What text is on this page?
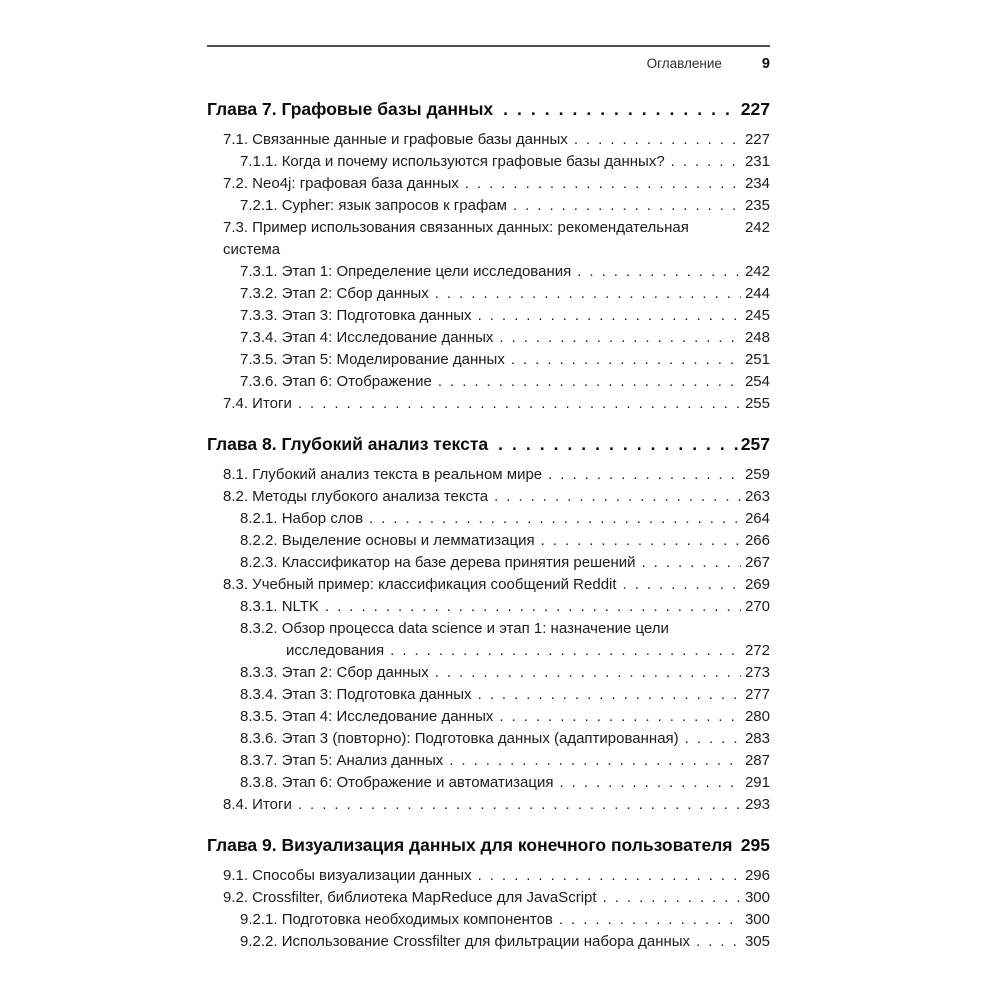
Оглавление	9
Глава 7. Графовые базы данных .....	227
7.1. Связанные данные и графовые базы данных .....	227
7.1.1. Когда и почему используются графовые базы данных? .....	231
7.2. Neo4j: графовая база данных .....	234
7.2.1. Cypher: язык запросов к графам .....	235
7.3. Пример использования связанных данных: рекомендательная система
242
7.3.1. Этап 1: Определение цели исследования .....	242
7.3.2. Этап 2: Сбор данных .....	244
7.3.3. Этап 3: Подготовка данных .....	245
7.3.4. Этап 4: Исследование данных .....	248
7.3.5. Этап 5: Моделирование данных .....	251
7.3.6. Этап 6: Отображение .....	254
7.4. Итоги .....	255
Глава 8. Глубокий анализ текста .....	257
8.1. Глубокий анализ текста в реальном мире .....	259
8.2. Методы глубокого анализа текста .....	263
8.2.1. Набор слов .....	264
8.2.2. Выделение основы и лемматизация .....	266
8.2.3. Классификатор на базе дерева принятия решений .....	267
8.3. Учебный пример: классификация сообщений Reddit .....	269
8.3.1. NLTK .....	270
8.3.2. Обзор процесса data science и этап 1: назначение цели
исследования .....	272
8.3.3. Этап 2: Сбор данных .....	273
8.3.4. Этап 3: Подготовка данных .....	277
8.3.5. Этап 4: Исследование данных .....	280
8.3.6. Этап 3 (повторно): Подготовка данных (адаптированная) .....	283
8.3.7. Этап 5: Анализ данных .....	287
8.3.8. Этап 6: Отображение и автоматизация .....	291
8.4. Итоги .....	293
Глава 9. Визуализация данных для конечного пользователя ..... 295
9.1. Способы визуализации данных .....	296
9.2. Crossfilter, библиотека MapReduce для JavaScript .....	300
9.2.1. Подготовка необходимых компонентов .....	300
9.2.2. Использование Crossfilter для фильтрации набора данных .....	305
